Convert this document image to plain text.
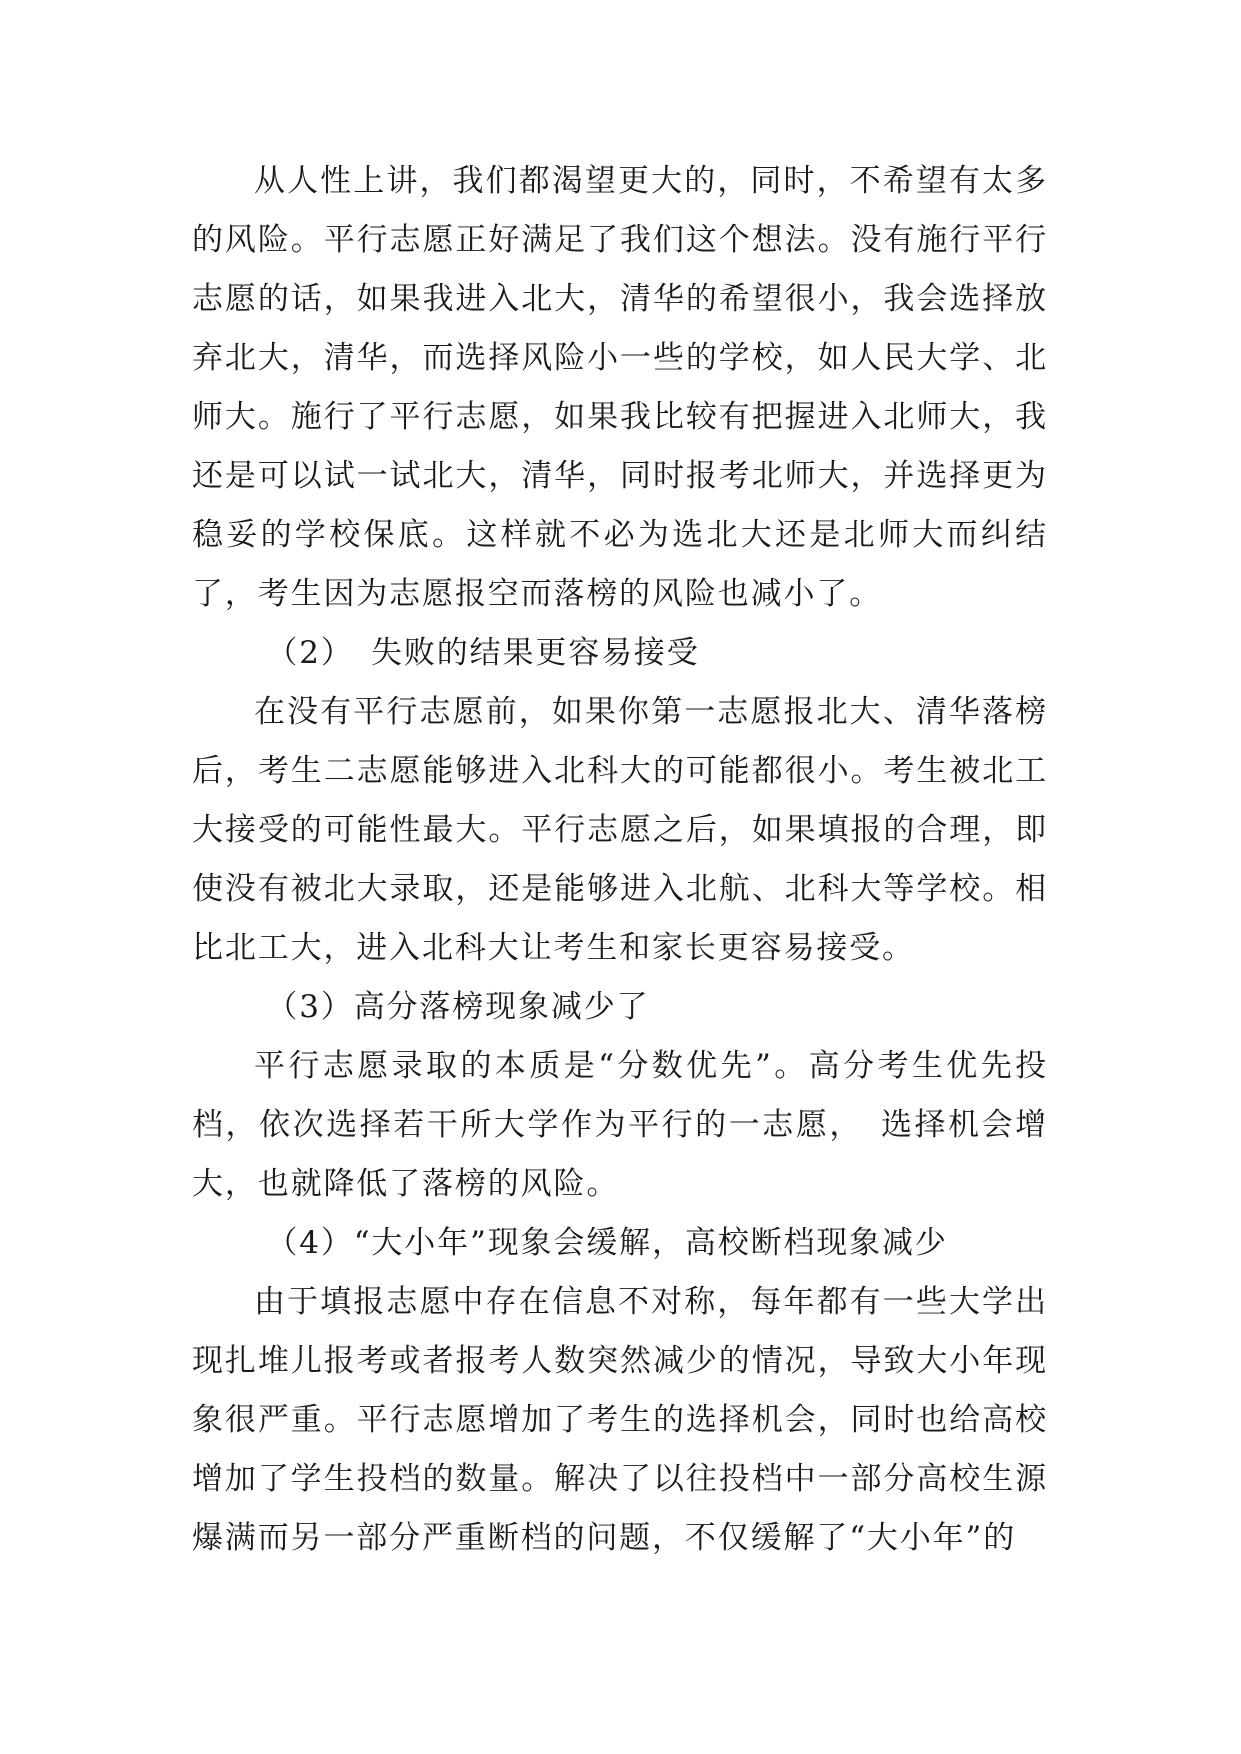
从人性上讲，我们都渴望更大的，同时，不希望有太多的风险。平行志愿正好满足了我们这个想法。没有施行平行志愿的话，如果我进入北大，清华的希望很小，我会选择放弃北大，清华，而选择风险小一些的学校，如人民大学、北师大。施行了平行志愿，如果我比较有把握进入北师大，我还是可以试一试北大，清华，同时报考北师大，并选择更为稳妥的学校保底。这样就不必为选北大还是北师大而纠结了，考生因为志愿报空而落榜的风险也减小了。

（2）　失败的结果更容易接受

在没有平行志愿前，如果你第一志愿报北大、清华落榜后，考生二志愿能够进入北科大的可能都很小。考生被北工大接受的可能性最大。平行志愿之后，如果填报的合理，即使没有被北大录取，还是能够进入北航、北科大等学校。相比北工大，进入北科大让考生和家长更容易接受。

（3）高分落榜现象减少了

平行志愿录取的本质是“分数优先”。高分考生优先投档，依次选择若干所大学作为平行的一志愿，　选择机会增大，也就降低了落榜的风险。

（4）“大小年”现象会缓解，高校断档现象减少

由于填报志愿中存在信息不对称，每年都有一些大学出现扎堆儿报考或者报考人数突然减少的情况，导致大小年现象很严重。平行志愿增加了考生的选择机会，同时也给高校增加了学生投档的数量。解决了以往投档中一部分高校生源爆满而另一部分严重断档的问题，不仅缓解了“大小年”的
